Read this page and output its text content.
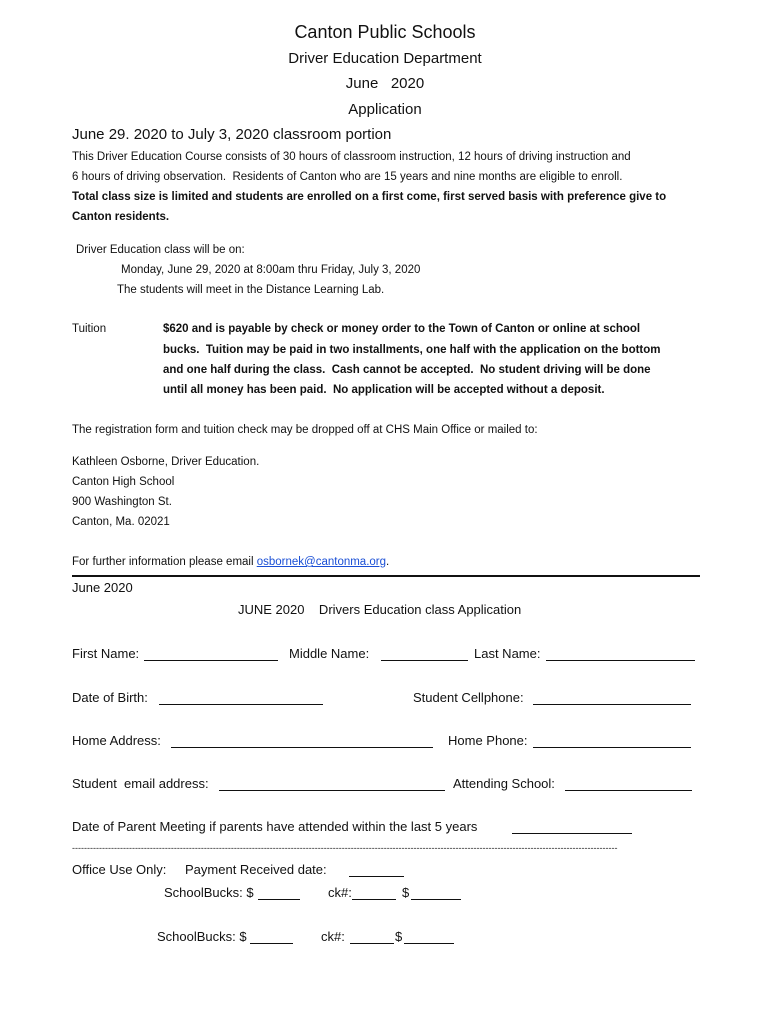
Canton Public Schools
Driver Education Department
June   2020
Application
June 29. 2020 to July 3, 2020 classroom portion
This Driver Education Course consists of 30 hours of classroom instruction, 12 hours of driving instruction and
6 hours of driving observation.  Residents of Canton who are 15 years and nine months are eligible to enroll.
Total class size is limited and students are enrolled on a first come, first served basis with preference give to
Canton residents.
Driver Education class will be on:
Monday, June 29, 2020 at 8:00am thru Friday, July 3, 2020
The students will meet in the Distance Learning Lab.
Tuition	$620 and is payable by check or money order to the Town of Canton or online at school
bucks.  Tuition may be paid in two installments, one half with the application on the bottom
and one half during the class.  Cash cannot be accepted.  No student driving will be done
until all money has been paid.  No application will be accepted without a deposit.
The registration form and tuition check may be dropped off at CHS Main Office or mailed to:
Kathleen Osborne, Driver Education.
Canton High School
900 Washington St.
Canton, Ma. 02021
For further information please email osbornek@cantonma.org.
June 2020
JUNE 2020    Drivers Education class Application
First Name:	Middle Name:	Last Name:
Date of Birth:	Student Cellphone:
Home Address:	Home Phone:
Student  email address:	Attending School:
Date of Parent Meeting if parents have attended within the last 5 years
--------------------------------------------------------------------------------------------------------------------------------------------------------------------------------------
Office Use Only: Payment Received date:
SchoolBucks: $	ck#:	$
SchoolBucks: $	ck#:	$
